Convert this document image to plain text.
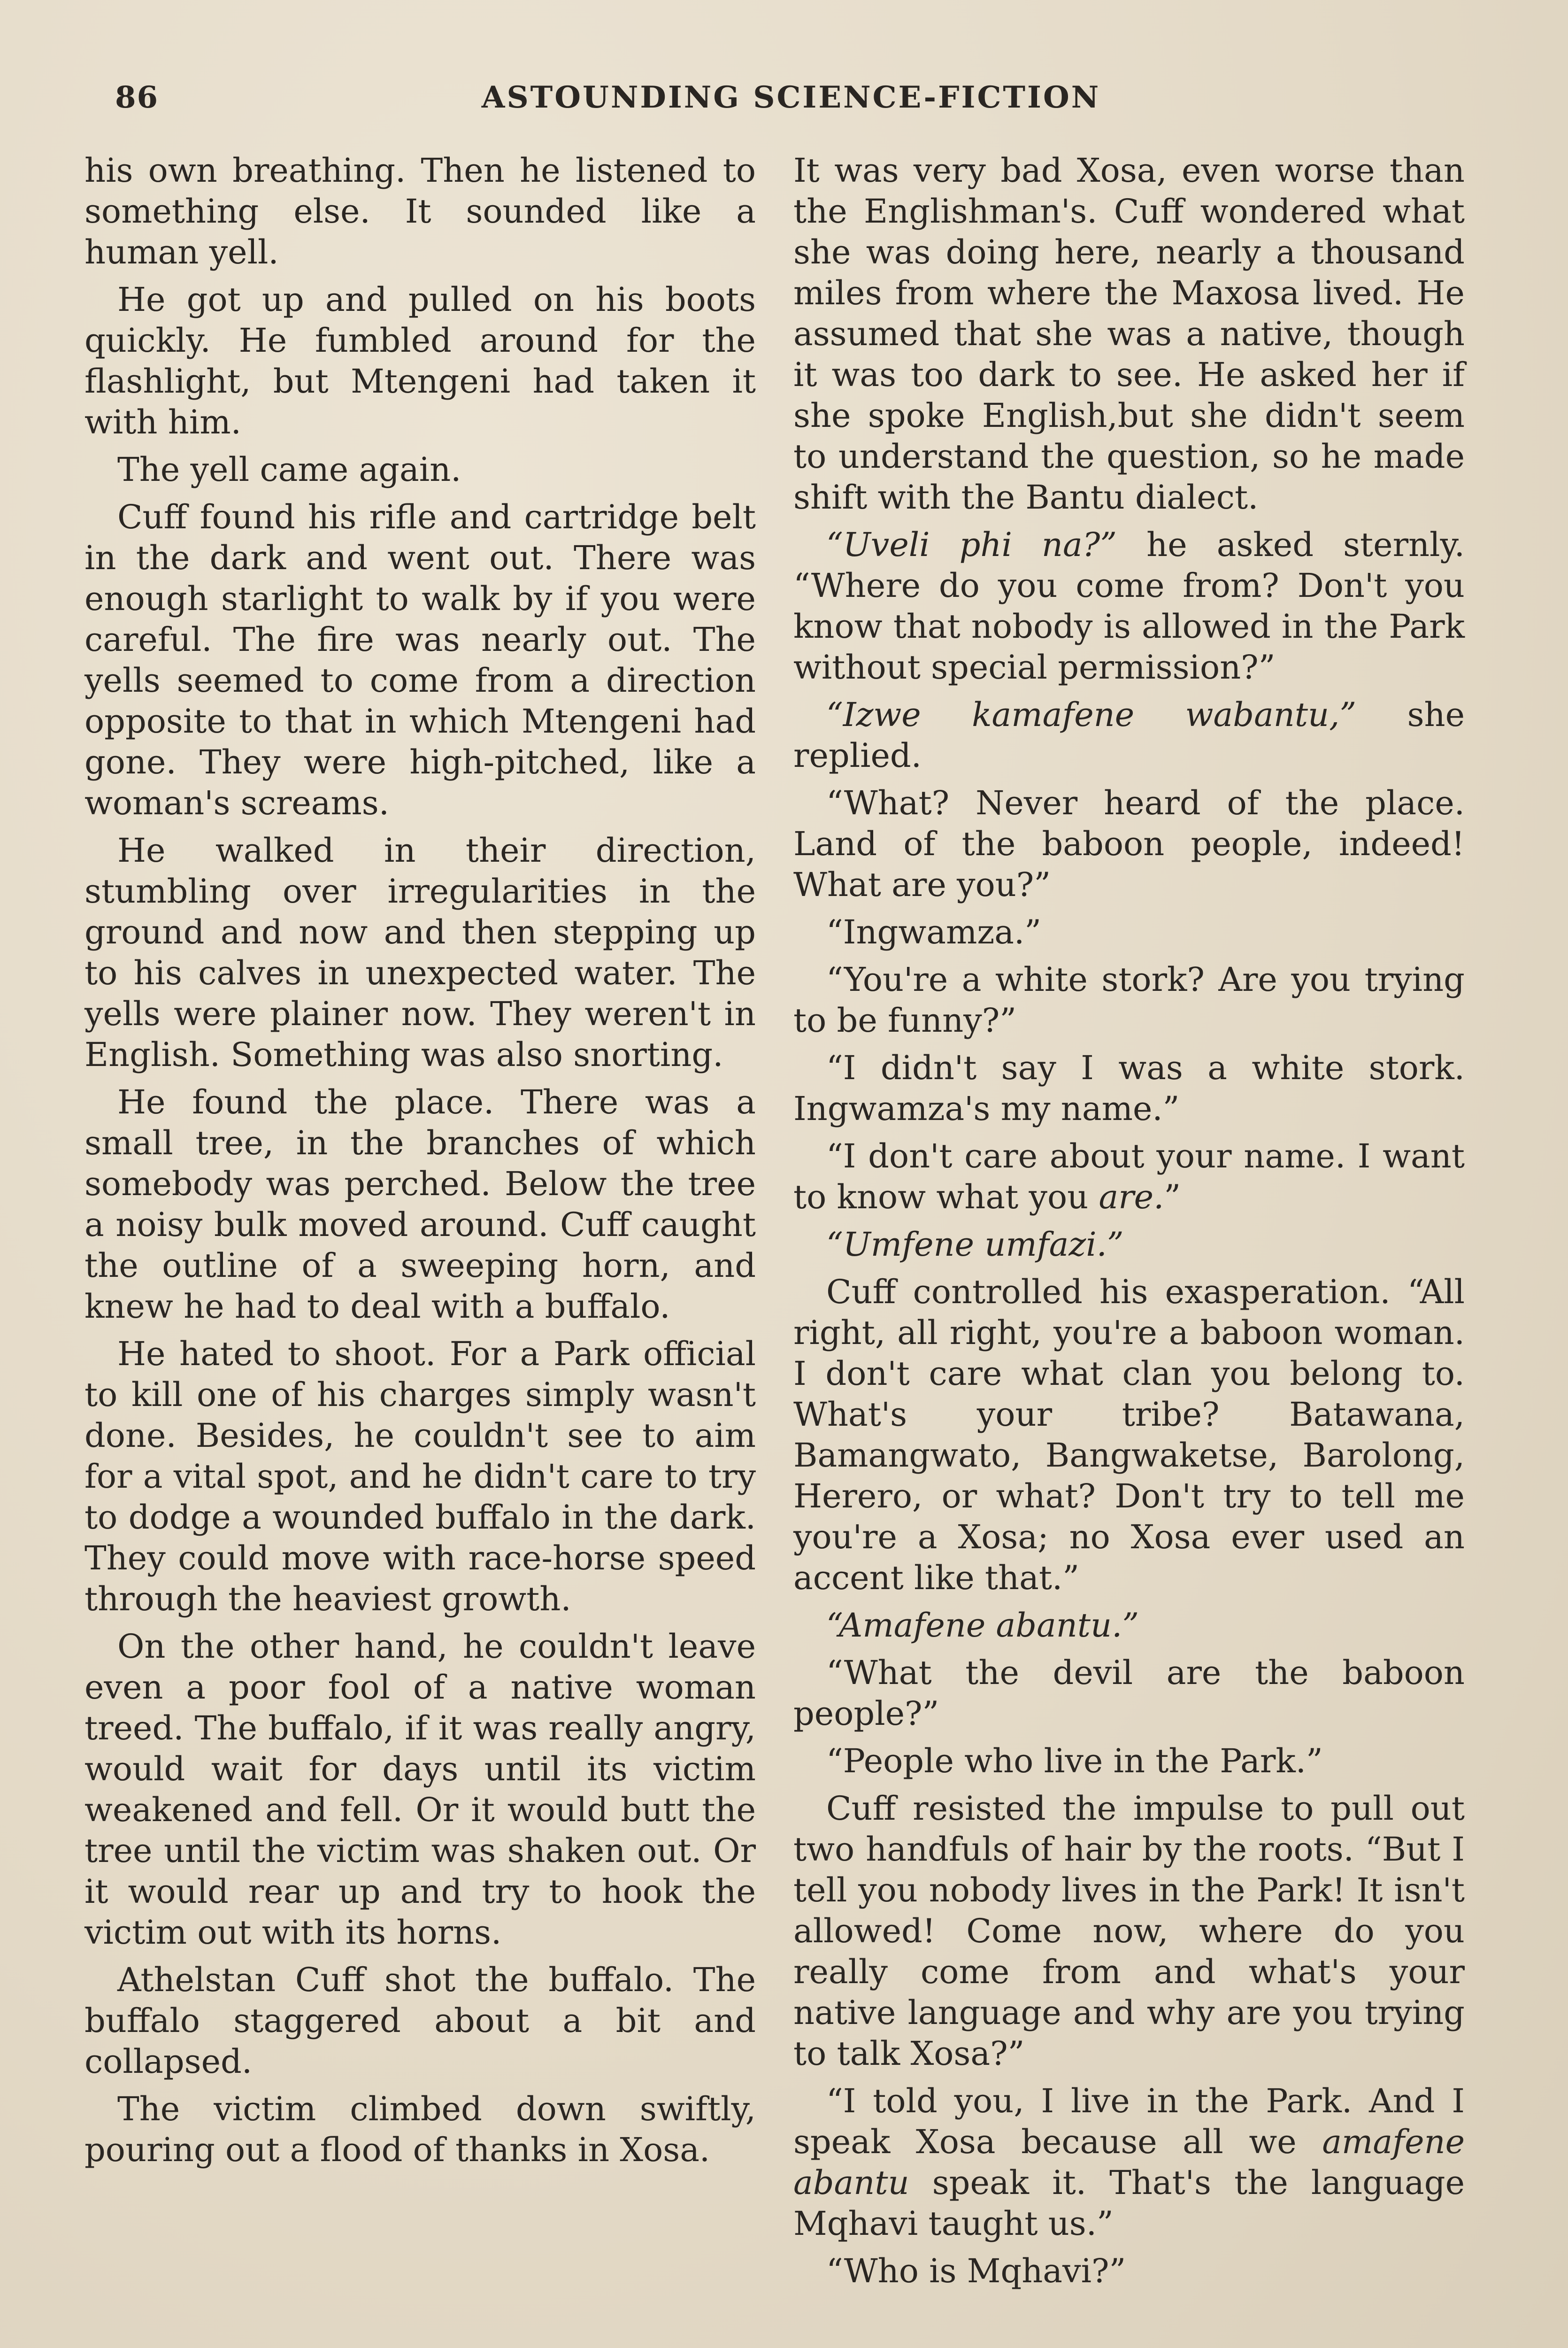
86	ASTOUNDING SCIENCE-FICTION

his own breathing. Then he listened to something else. It sounded like a human yell.

He got up and pulled on his boots quickly. He fumbled around for the flashlight, but Mtengeni had taken it with him.

The yell came again.

Cuff found his rifle and cartridge belt in the dark and went out. There was enough starlight to walk by if you were careful. The fire was nearly out. The yells seemed to come from a direction opposite to that in which Mtengeni had gone. They were high-pitched, like a woman's screams.

He walked in their direction, stumbling over irregularities in the ground and now and then stepping up to his calves in unexpected water. The yells were plainer now. They weren't in English. Something was also snorting.

He found the place. There was a small tree, in the branches of which somebody was perched. Below the tree a noisy bulk moved around. Cuff caught the outline of a sweeping horn, and knew he had to deal with a buffalo.

He hated to shoot. For a Park official to kill one of his charges simply wasn't done. Besides, he couldn't see to aim for a vital spot, and he didn't care to try to dodge a wounded buffalo in the dark. They could move with race-horse speed through the heaviest growth.

On the other hand, he couldn't leave even a poor fool of a native woman treed. The buffalo, if it was really angry, would wait for days until its victim weakened and fell. Or it would butt the tree until the victim was shaken out. Or it would rear up and try to hook the victim out with its horns.

Athelstan Cuff shot the buffalo. The buffalo staggered about a bit and collapsed.

The victim climbed down swiftly, pouring out a flood of thanks in Xosa.

It was very bad Xosa, even worse than the Englishman's. Cuff wondered what she was doing here, nearly a thousand miles from where the Maxosa lived. He assumed that she was a native, though it was too dark to see. He asked her if she spoke English,but she didn't seem to understand the question, so he made shift with the Bantu dialect.

“Uveli phi na?” he asked sternly. “Where do you come from? Don't you know that nobody is allowed in the Park without special permission?”

“Izwe kamafene wabantu,” she replied.

“What? Never heard of the place. Land of the baboon people, indeed! What are you?”

“Ingwamza.”

“You're a white stork? Are you trying to be funny?”

“I didn't say I was a white stork. Ingwamza's my name.”

“I don't care about your name. I want to know what you are.”

“Umfene umfazi.”

Cuff controlled his exasperation. “All right, all right, you're a baboon woman. I don't care what clan you belong to. What's your tribe? Batawana, Bamangwato, Bangwaketse, Barolong, Herero, or what? Don't try to tell me you're a Xosa; no Xosa ever used an accent like that.”

“Amafene abantu.”

“What the devil are the baboon people?”

“People who live in the Park.”

Cuff resisted the impulse to pull out two handfuls of hair by the roots. “But I tell you nobody lives in the Park! It isn't allowed! Come now, where do you really come from and what's your native language and why are you trying to talk Xosa?”

“I told you, I live in the Park. And I speak Xosa because all we amafene abantu speak it. That's the language Mqhavi taught us.”

“Who is Mqhavi?”
